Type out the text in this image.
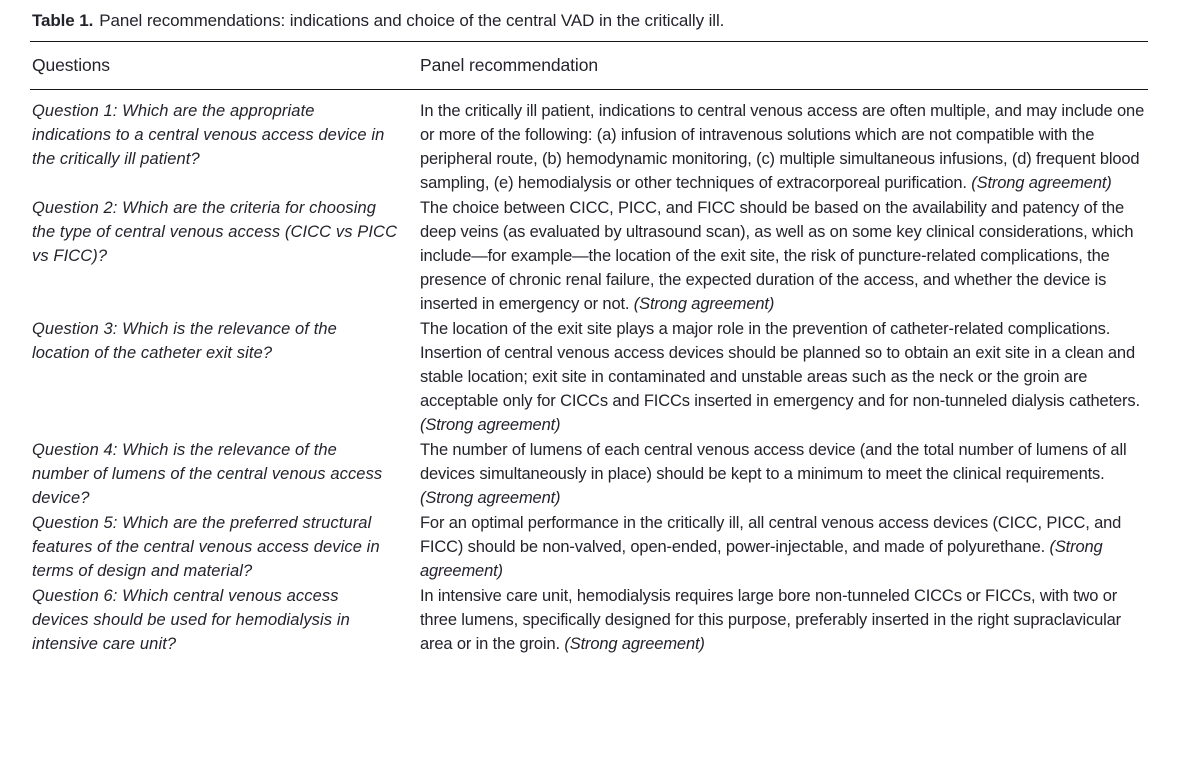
Table 1. Panel recommendations: indications and choice of the central VAD in the critically ill.
Questions	Panel recommendation
Question 1: Which are the appropriate indications to a central venous access device in the critically ill patient?
In the critically ill patient, indications to central venous access are often multiple, and may include one or more of the following: (a) infusion of intravenous solutions which are not compatible with the peripheral route, (b) hemodynamic monitoring, (c) multiple simultaneous infusions, (d) frequent blood sampling, (e) hemodialysis or other techniques of extracorporeal purification. (Strong agreement)
Question 2: Which are the criteria for choosing the type of central venous access (CICC vs PICC vs FICC)?
The choice between CICC, PICC, and FICC should be based on the availability and patency of the deep veins (as evaluated by ultrasound scan), as well as on some key clinical considerations, which include—for example—the location of the exit site, the risk of puncture-related complications, the presence of chronic renal failure, the expected duration of the access, and whether the device is inserted in emergency or not. (Strong agreement)
Question 3: Which is the relevance of the location of the catheter exit site?
The location of the exit site plays a major role in the prevention of catheter-related complications. Insertion of central venous access devices should be planned so to obtain an exit site in a clean and stable location; exit site in contaminated and unstable areas such as the neck or the groin are acceptable only for CICCs and FICCs inserted in emergency and for non-tunneled dialysis catheters. (Strong agreement)
Question 4: Which is the relevance of the number of lumens of the central venous access device?
The number of lumens of each central venous access device (and the total number of lumens of all devices simultaneously in place) should be kept to a minimum to meet the clinical requirements. (Strong agreement)
Question 5: Which are the preferred structural features of the central venous access device in terms of design and material?
For an optimal performance in the critically ill, all central venous access devices (CICC, PICC, and FICC) should be non-valved, open-ended, power-injectable, and made of polyurethane. (Strong agreement)
Question 6: Which central venous access devices should be used for hemodialysis in intensive care unit?
In intensive care unit, hemodialysis requires large bore non-tunneled CICCs or FICCs, with two or three lumens, specifically designed for this purpose, preferably inserted in the right supraclavicular area or in the groin. (Strong agreement)
